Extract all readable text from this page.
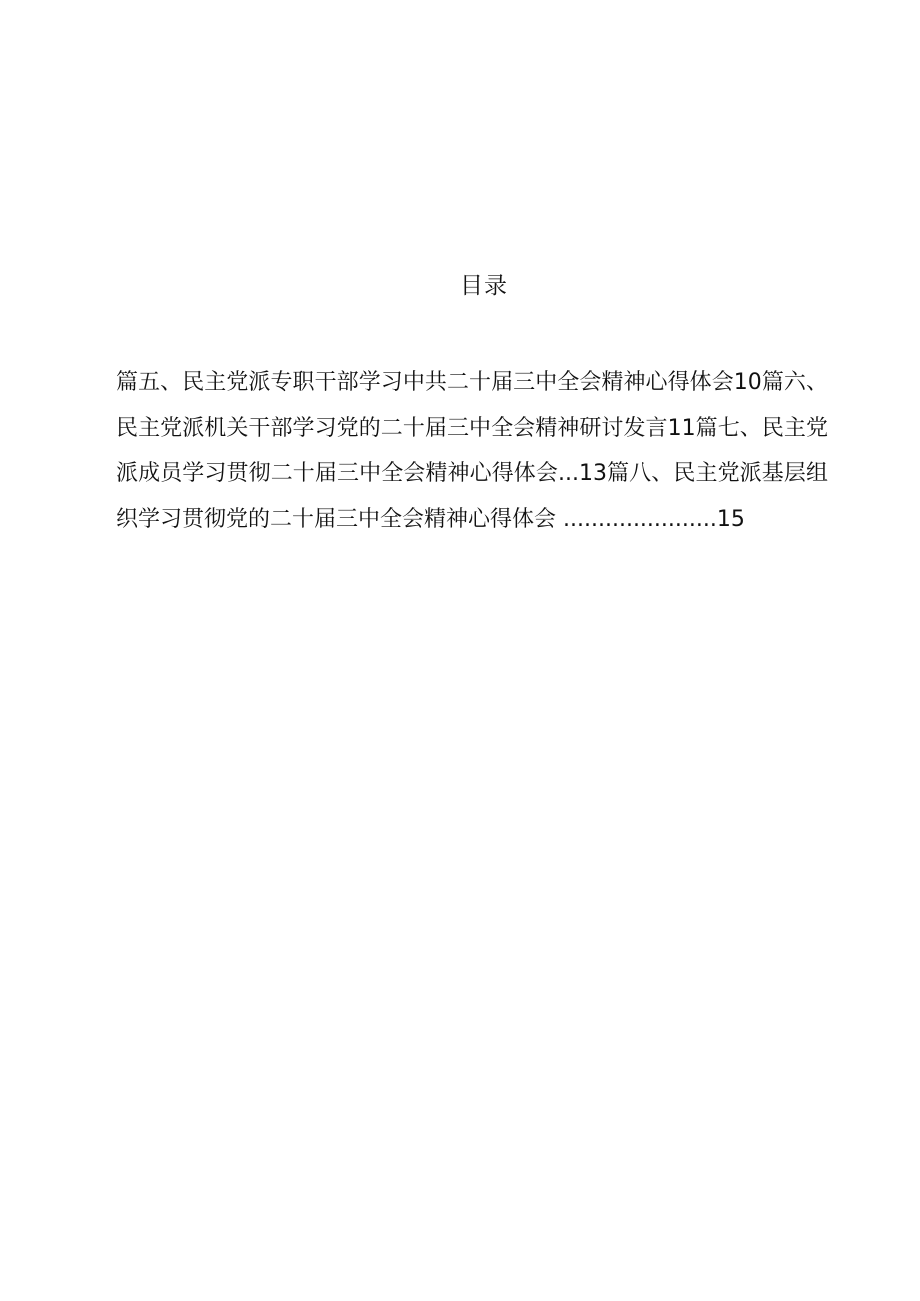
目录
篇五、民主党派专职干部学习中共二十届三中全会精神心得体会10篇六、民主党派机关干部学习党的二十届三中全会精神研讨发言11篇七、民主党派成员学习贯彻二十届三中全会精神心得体会...13篇八、民主党派基层组织学习贯彻党的二十届三中全会精神心得体会 ......................15
